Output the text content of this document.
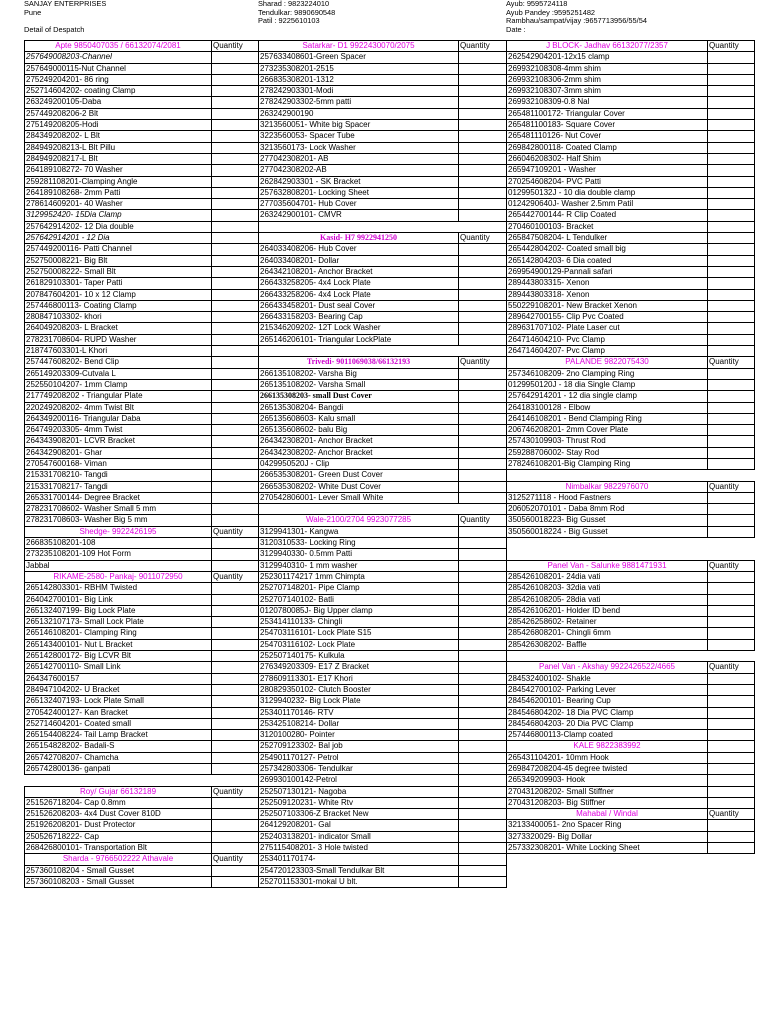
SANJAY ENTERPRISES
Pune
Detail of Despatch
Sharad : 9823224010
Tendulkar: 9890690548
Patil : 9225610103
Ayub: 9595724118
Ayub Pandey :9595251482
Rambhau/sampat/vijay :9657713956/55/54
Date :
Apte 9850407035 / 66132074/2081	Quantity	Satarkar- D1 9922430070/2075	Quantity	J BLOCK- Jadhav 66132077/2357	Quantity
257649008203-Channel		257633408601-Green Spacer		262542904201-12x15 clamp	
257649000115-Nut Channel		273235308201-2515		269932108308-4mm shim	
275249204201- 86 ring		266835308201-1312		269932108306-2mm shim	
252714604202- coating Clamp		278242903301-Modi		269932108307-3mm shim	
263249200105-Daba		278242903302-5mm patti		269932108309-0.8 Nal	
257449208206-2 Blt		263242900190		265481100172- Triangular Cover	
275149208205-Hodi		3213560051- White big Spacer		265481100183- Square Cover	
284349208202- L Blt		3223560053- Spacer Tube		265481110126- Nut Cover	
284949208213-L Blt Pillu		3213560173- Lock Washer		269842800118- Coated Clamp	
284949208217-L Blt		277042308201- AB		266046208302- Half Shim	
264189108272- 70 Washer		277042308202-AB		265947109201 - Washer	
259281108201-Clamping Angle		262842903301 - SK Bracket		270254608204- PVC Patti	
264189108268- 2mm Patti		257632808201- Locking Sheet		0129950132J - 10 dia double clamp	
278614609201- 40 Washer		277035604701- Hub Cover		0124290640J- Washer 2.5mm Patil	
3129952420- 15Dia Clamp		263242900101- CMVR		265442700144- R Clip Coated	
257642914202- 12 Dia double				270460100103- Bracket	
257642914201 - 12 Dia		Kasid- H7 9922941250	Quantity	265847508204- L Tendulker	
257449200116- Patti Channel		264033408206- Hub Cover		265442804202- Coated small big	
252750008221- Big Blt		264033408201- Dollar		265142804203- 6 Dia coated	
252750008222- Small Blt		264342108201- Anchor Bracket		269954900129-Pannali safari	
261829103301- Taper Patti		266433258205- 4x4 Lock Plate		289443803315- Xenon	
207847604201- 10 x 12 Clamp		266433258206- 4x4 Lock Plate		289443803318- Xenon	
257446800113- Coating Clamp		266433458201- Dust seal Cover		550229108201- New Bracket Xenon	
280847103302- khori		266433158203- Bearing Cap		289642700155- Clip Pvc Coated	
264049208203- L Bracket		215346209202- 12T Lock Washer		289631707102- Plate Laser cut	
278231708604- RUPD Washer		265146206101- Triangular LockPlate		264714604210- Pvc Clamp	
218747603301-L Khori				264714604207- Pvc Clamp	
257447608202- Bend Clip		Trivedi- 9011069038/66132193	Quantity	PALANDE 9822075430	Quantity
265149203309-Cutvala L		266135108202- Varsha Big		257346108209- 2no Clamping Ring	
252550104207- 1mm Clamp		265135108202- Varsha Small		0129950120J - 18 dia Single Clamp	
217749208202 - Triangular Plate		266135308203- small Dust Cover		257642914201 - 12 dia single clamp	
220249208202- 4mm Twist Blt		265135308204- Bangdi		264183100128 - Elbow	
264349200116- Triangular Daba		265135608603- Kalu small		264146108201 - Bend Clamping Ring	
264749203305- 4mm Twist		265135608602- balu Big		206746208201- 2mm Cover Plate	
264343908201- LCVR Bracket		264342308201- Anchor Bracket		257430109903- Thrust Rod	
264342908201- Ghar		264342308202- Anchor Bracket		259288706002- Stay Rod	
270547600168- Viman		0429950520J - Clip		278246108201-Big Clamping Ring	
215331708210- Tangdi		266535308201- Green Dust Cover			
215331708217- Tangdi		266535308202- White Dust Cover		Nimbalkar 9822976070	Quantity
265331700144- Degree Bracket		270542806001- Lever Small White		3125271118 - Hood Fastners	
278231708602- Washer Small 5 mm				206052070101 - Daba 8mm Rod	
278231708603- Washer Big 5 mm		Wale-2100/2704 9923077285	Quantity	350560018223- Big Gusset	
Shedge- 9922426195	Quantity	3129941301- Kangwa		350560018224 - Big Gusset	
266835108201-108		3120310533- Locking Ring			
273235108201-109 Hot Form		3129940330- 0.5mm Patti			
Jabbal		3129940310- 1 mm washer		Panel Van - Salunke 9881471931	Quantity
RIKAME-2580- Pankaj- 9011072950	Quantity	252301174217 1mm Chimpta		285426108201- 24dia vati	
265142803301- RBHM Twisted		252707148201- Pipe Clamp		285426108203- 32dia vati	
264042700101- Big Link		252707140102- Batli		285426108205- 28dia vati	
265132407199- Big Lock Plate		0120780085J- Big Upper clamp		285426106201- Holder ID bend	
265132107173- Small Lock Plate		253414110133- Chingli		285426258602- Retainer	
265146108201- Clamping Ring		254703116101- Lock Plate S15		285426808201- Chingli 6mm	
265143400101- Nut L Bracket		254703116102- Lock Plate		285426308202- Baffle	
265142800172- Big LCVR Blt		252507140175- Kulkula			
265142700110- Small Link		276349203309- E17 Z Bracket		Panel Van - Akshay 9922426522/4665	Quantity
264347600157		278609113301- E17 Khori		284532400102- Shakle	
284947104202- U Bracket		280829350102- Clutch Booster		284542700102- Parking Lever	
265132407193- Lock Plate Small		3129940232- Big Lock Plate		284546200101- Bearing Cup	
270542400127- Kan Bracket		253401170146- RTV		284546804202- 18 Dia PVC Clamp	
252714604201- Coated small		253425108214- Dollar		284546804203- 20 Dia PVC Clamp	
265154408224- Tail Lamp Bracket		3120100280- Pointer		257446800113-Clamp coated	
265154828202- Badali-S		252709123302- Bal job		KALE 9822383992	
265742708207- Chamcha		254901170127- Petrol		265431104201- 10mm Hook	
265742800136- ganpati		257342803306- Tendulkar		269847208204-45 degree twisted	
		269930100142-Petrol		265349209903- Hook	
Roy/ Gujar 66132189	Quantity	252507130121- Nagoba		270431208202- Small Stiffner	
251526718204- Cap 0.8mm		252509120231- White Rtv		270431208203- Big Stiffner	
251526208203- 4x4 Dust Cover 810D		252507103306-Z Bracket New		Mahabal / Windal	Quantity
251926208201- Dust Protector		264129208201- Gal		32133400051- 2no Spacer Ring	
250526718222- Cap		252403138201- indicator Small		3273320029- Big Dollar	
268426800101- Transportation Blt		275115408201- 3 Hole twisted		257332308201- White Locking Sheet	
Sharda - 9766502222 Athavale	Quantity	253401170174-			
257360108204 - Small Gusset		254720123303-Small Tendulkar Blt			
257360108203 - Small Gusset		252701153301-mokal U blt.			
